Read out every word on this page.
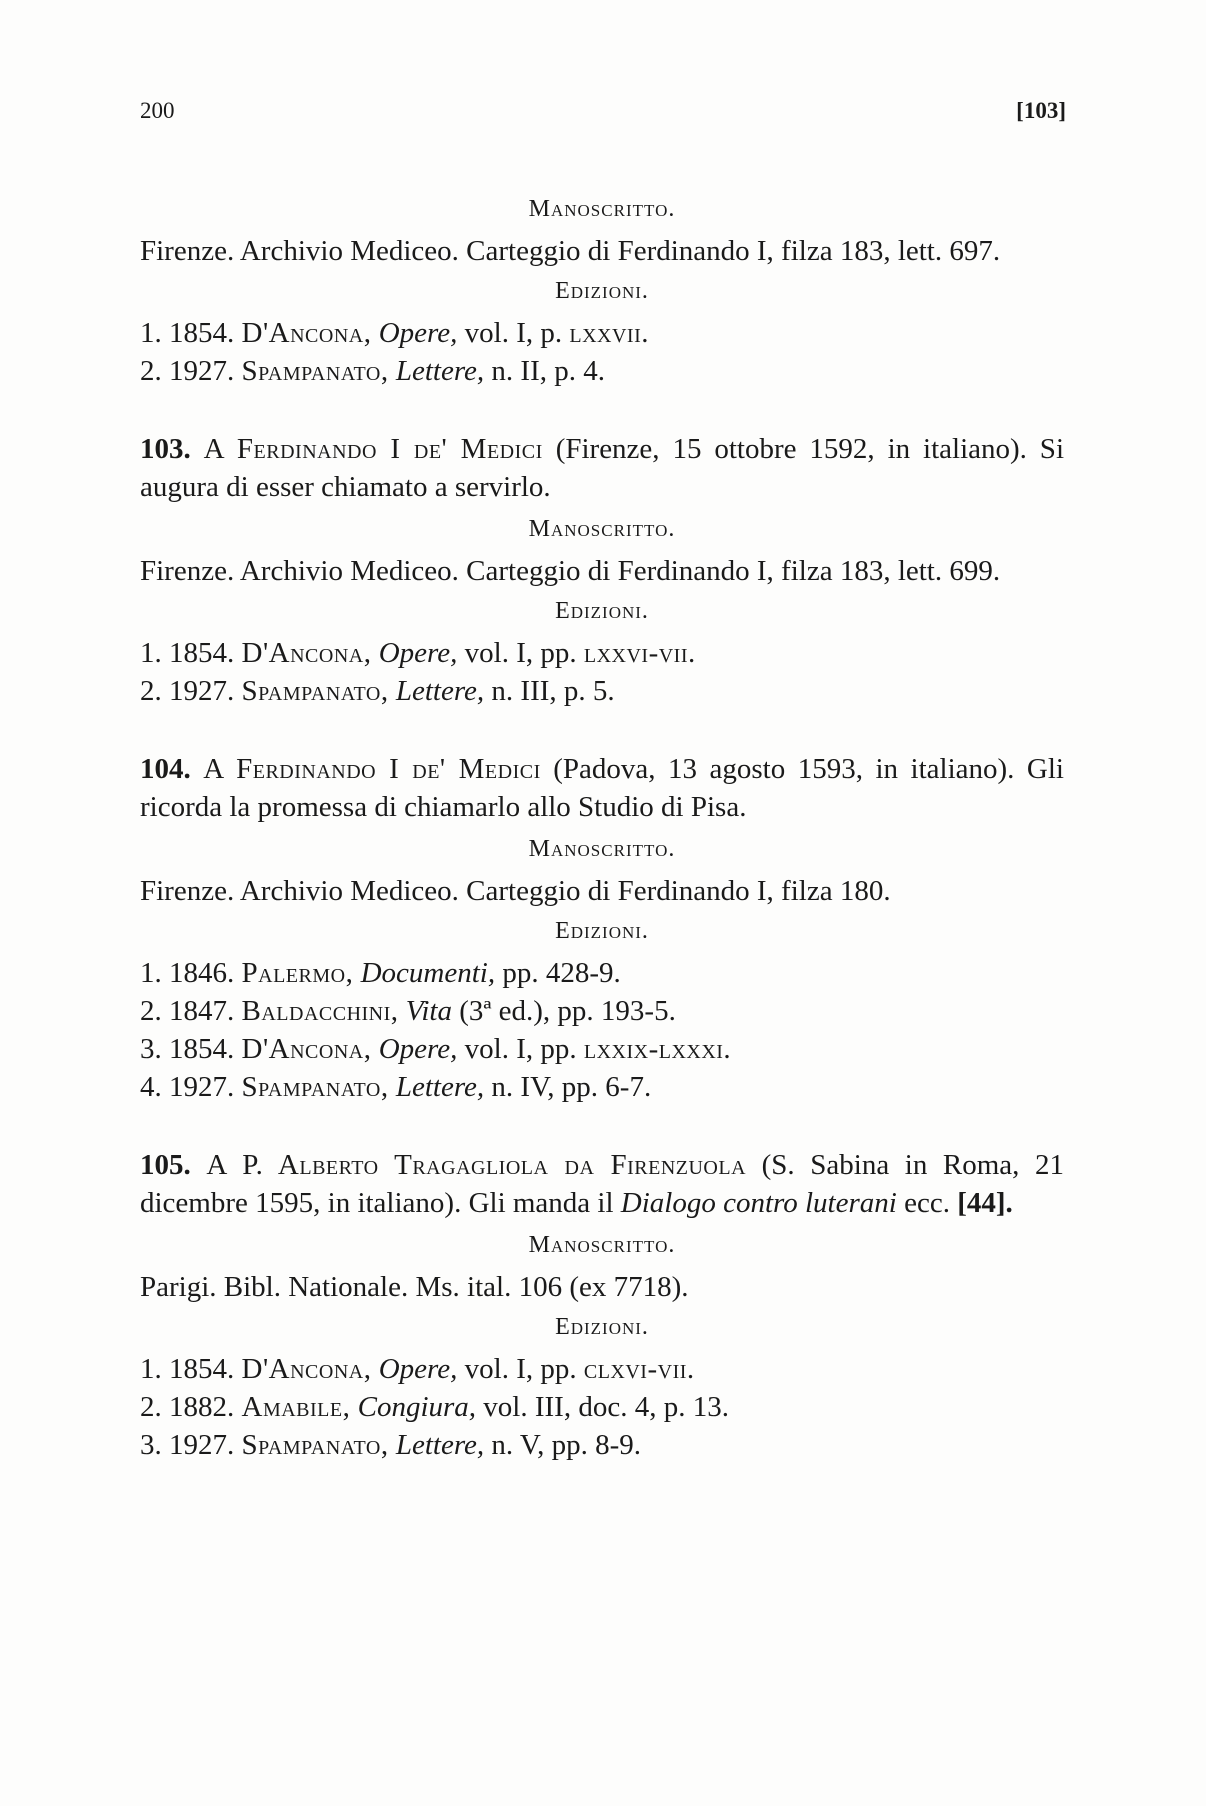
200	[103]
Manoscritto.

Firenze. Archivio Mediceo. Carteggio di Ferdinando I, filza 183, lett. 697.

Edizioni.
1. 1854. D'Ancona, Opere, vol. I, p. lxxvii.
2. 1927. Spampanato, Lettere, n. II, p. 4.

103. A Ferdinando I de' Medici (Firenze, 15 ottobre 1592, in italiano). Si augura di esser chiamato a servirlo.

Manoscritto.

Firenze. Archivio Mediceo. Carteggio di Ferdinando I, filza 183, lett. 699.

Edizioni.
1. 1854. D'Ancona, Opere, vol. I, pp. lxxvi-vii.
2. 1927. Spampanato, Lettere, n. III, p. 5.

104. A Ferdinando I de' Medici (Padova, 13 agosto 1593, in italiano). Gli ricorda la promessa di chiamarlo allo Studio di Pisa.

Manoscritto.

Firenze. Archivio Mediceo. Carteggio di Ferdinando I, filza 180.

Edizioni.
1. 1846. Palermo, Documenti, pp. 428-9.
2. 1847. Baldacchini, Vita (3ª ed.), pp. 193-5.
3. 1854. D'Ancona, Opere, vol. I, pp. lxxix-lxxxi.
4. 1927. Spampanato, Lettere, n. IV, pp. 6-7.

105. A P. Alberto Tragagliola da Firenzuola (S. Sabina in Roma, 21 dicembre 1595, in italiano). Gli manda il Dialogo contro luterani ecc. [44].

Manoscritto.

Parigi. Bibl. Nationale. Ms. ital. 106 (ex 7718).

Edizioni.
1. 1854. D'Ancona, Opere, vol. I, pp. clxvi-vii.
2. 1882. Amabile, Congiura, vol. III, doc. 4, p. 13.
3. 1927. Spampanato, Lettere, n. V, pp. 8-9.
